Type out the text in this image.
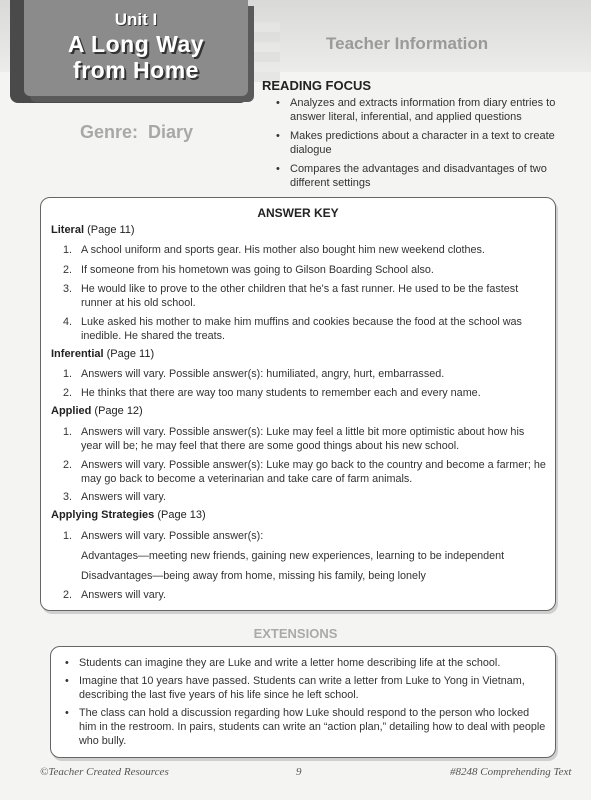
Unit I
A Long Way
from Home
Genre: Diary
Teacher Information
READING FOCUS
• Analyzes and extracts information from diary entries to answer literal, inferential, and applied questions
• Makes predictions about a character in a text to create dialogue
• Compares the advantages and disadvantages of two different settings
ANSWER KEY
Literal (Page 11)
1. A school uniform and sports gear. His mother also bought him new weekend clothes.
2. If someone from his hometown was going to Gilson Boarding School also.
3. He would like to prove to the other children that he's a fast runner. He used to be the fastest runner at his old school.
4. Luke asked his mother to make him muffins and cookies because the food at the school was inedible. He shared the treats.
Inferential (Page 11)
1. Answers will vary. Possible answer(s): humiliated, angry, hurt, embarrassed.
2. He thinks that there are way too many students to remember each and every name.
Applied (Page 12)
1. Answers will vary. Possible answer(s): Luke may feel a little bit more optimistic about how his year will be; he may feel that there are some good things about his new school.
2. Answers will vary. Possible answer(s): Luke may go back to the country and become a farmer; he may go back to become a veterinarian and take care of farm animals.
3. Answers will vary.
Applying Strategies (Page 13)
1. Answers will vary. Possible answer(s):
Advantages—meeting new friends, gaining new experiences, learning to be independent
Disadvantages—being away from home, missing his family, being lonely
2. Answers will vary.
EXTENSIONS
• Students can imagine they are Luke and write a letter home describing life at the school.
• Imagine that 10 years have passed. Students can write a letter from Luke to Yong in Vietnam, describing the last five years of his life since he left school.
• The class can hold a discussion regarding how Luke should respond to the person who locked him in the restroom. In pairs, students can write an “action plan,” detailing how to deal with people who bully.
©Teacher Created Resources	9	#8248 Comprehending Text
